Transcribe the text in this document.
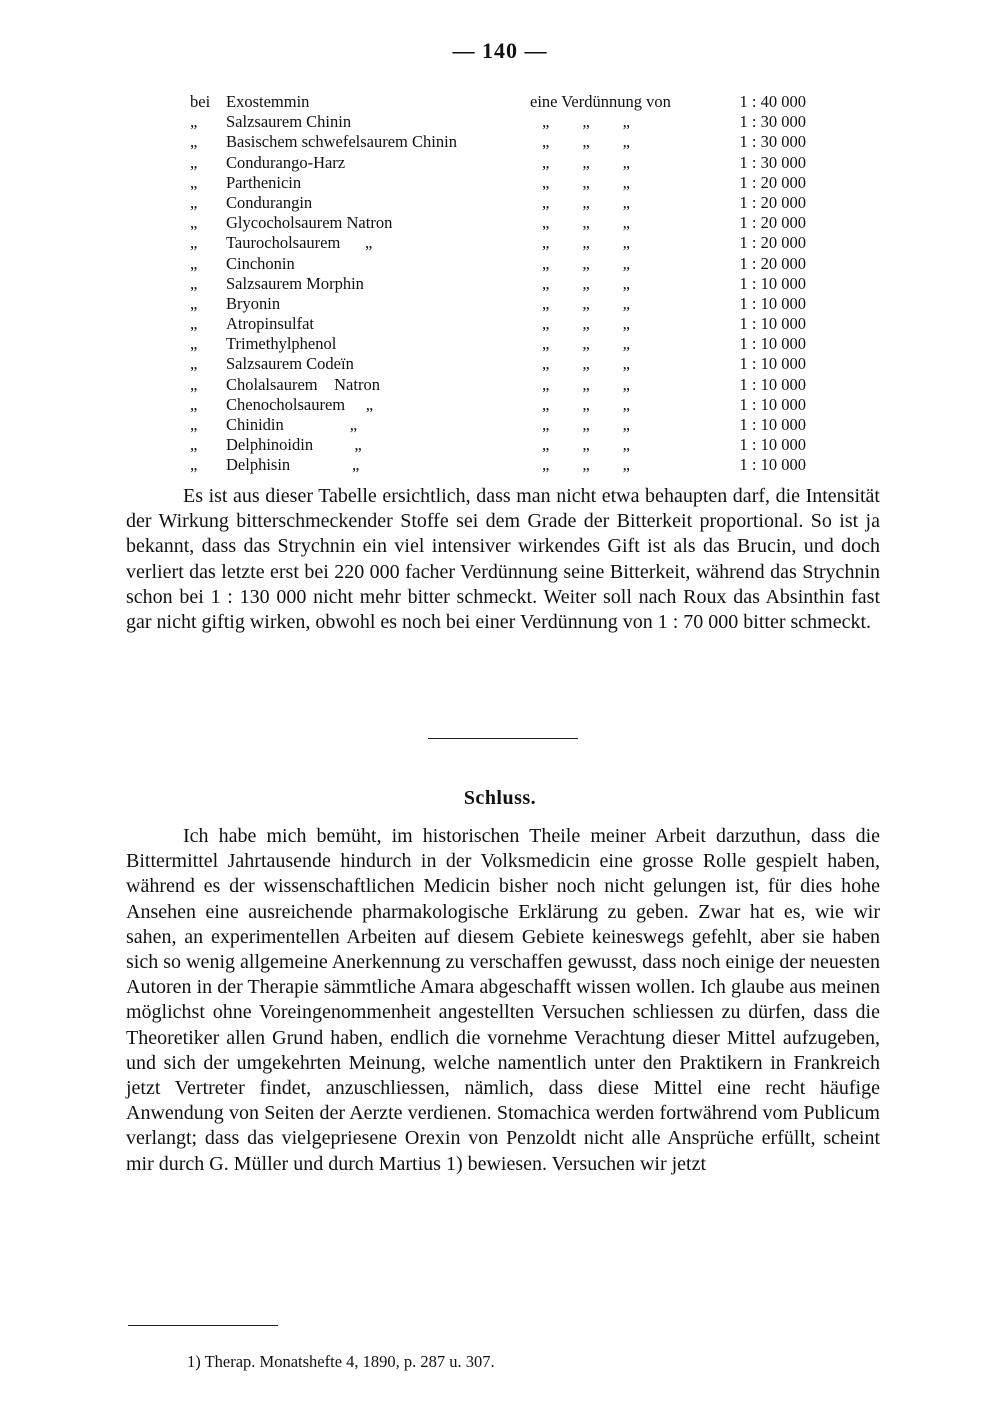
— 140 —
bei Exostemmin	eine Verdünnung von	1 : 40 000
„ Salzsaurem Chinin	„        „        „	1 : 30 000
„ Basischem schwefelsaurem Chinin	„        „        „	1 : 30 000
„ Condurango-Harz	„        „        „	1 : 30 000
„ Parthenicin	„        „        „	1 : 20 000
„ Condurangin	„        „        „	1 : 20 000
„ Glycocholsaurem Natron	„        „        „	1 : 20 000
„ Taurocholsaurem      „	„        „        „	1 : 20 000
„ Cinchonin	„        „        „	1 : 20 000
„ Salzsaurem Morphin	„        „        „	1 : 10 000
„ Bryonin	„        „        „	1 : 10 000
„ Atropinsulfat	„        „        „	1 : 10 000
„ Trimethylphenol	„        „        „	1 : 10 000
„ Salzsaurem Codeïn	„        „        „	1 : 10 000
„ Cholalsaurem    Natron	„        „        „	1 : 10 000
„ Chenocholsaurem     „	„        „        „	1 : 10 000
„ Chinidin                „	„        „        „	1 : 10 000
„ Delphinoidin          „	„        „        „	1 : 10 000
„ Delphisin               „	„        „        „	1 : 10 000

Es ist aus dieser Tabelle ersichtlich, dass man nicht etwa behaupten darf, die Intensität der Wirkung bitterschmeckender Stoffe sei dem Grade der Bitterkeit proportional. So ist ja bekannt, dass das Strychnin ein viel intensiver wirkendes Gift ist als das Brucin, und doch verliert das letzte erst bei 220 000 facher Verdünnung seine Bitterkeit, während das Strychnin schon bei 1 : 130 000 nicht mehr bitter schmeckt. Weiter soll nach Roux das Absinthin fast gar nicht giftig wirken, obwohl es noch bei einer Verdünnung von 1 : 70 000 bitter schmeckt.

Schluss.

Ich habe mich bemüht, im historischen Theile meiner Arbeit darzuthun, dass die Bittermittel Jahrtausende hindurch in der Volksmedicin eine grosse Rolle gespielt haben, während es der wissenschaftlichen Medicin bisher noch nicht gelungen ist, für dies hohe Ansehen eine ausreichende pharmakologische Erklärung zu geben. Zwar hat es, wie wir sahen, an experimentellen Arbeiten auf diesem Gebiete keineswegs gefehlt, aber sie haben sich so wenig allgemeine Anerkennung zu verschaffen gewusst, dass noch einige der neuesten Autoren in der Therapie sämmtliche Amara abgeschafft wissen wollen. Ich glaube aus meinen möglichst ohne Voreingenommenheit angestellten Versuchen schliessen zu dürfen, dass die Theoretiker allen Grund haben, endlich die vornehme Verachtung dieser Mittel aufzugeben, und sich der umgekehrten Meinung, welche namentlich unter den Praktikern in Frankreich jetzt Vertreter findet, anzuschliessen, nämlich, dass diese Mittel eine recht häufige Anwendung von Seiten der Aerzte verdienen. Stomachica werden fortwährend vom Publicum verlangt; dass das vielgepriesene Orexin von Penzoldt nicht alle Ansprüche erfüllt, scheint mir durch G. Müller und durch Martius 1) bewiesen. Versuchen wir jetzt

1) Therap. Monatshefte 4, 1890, p. 287 u. 307.
